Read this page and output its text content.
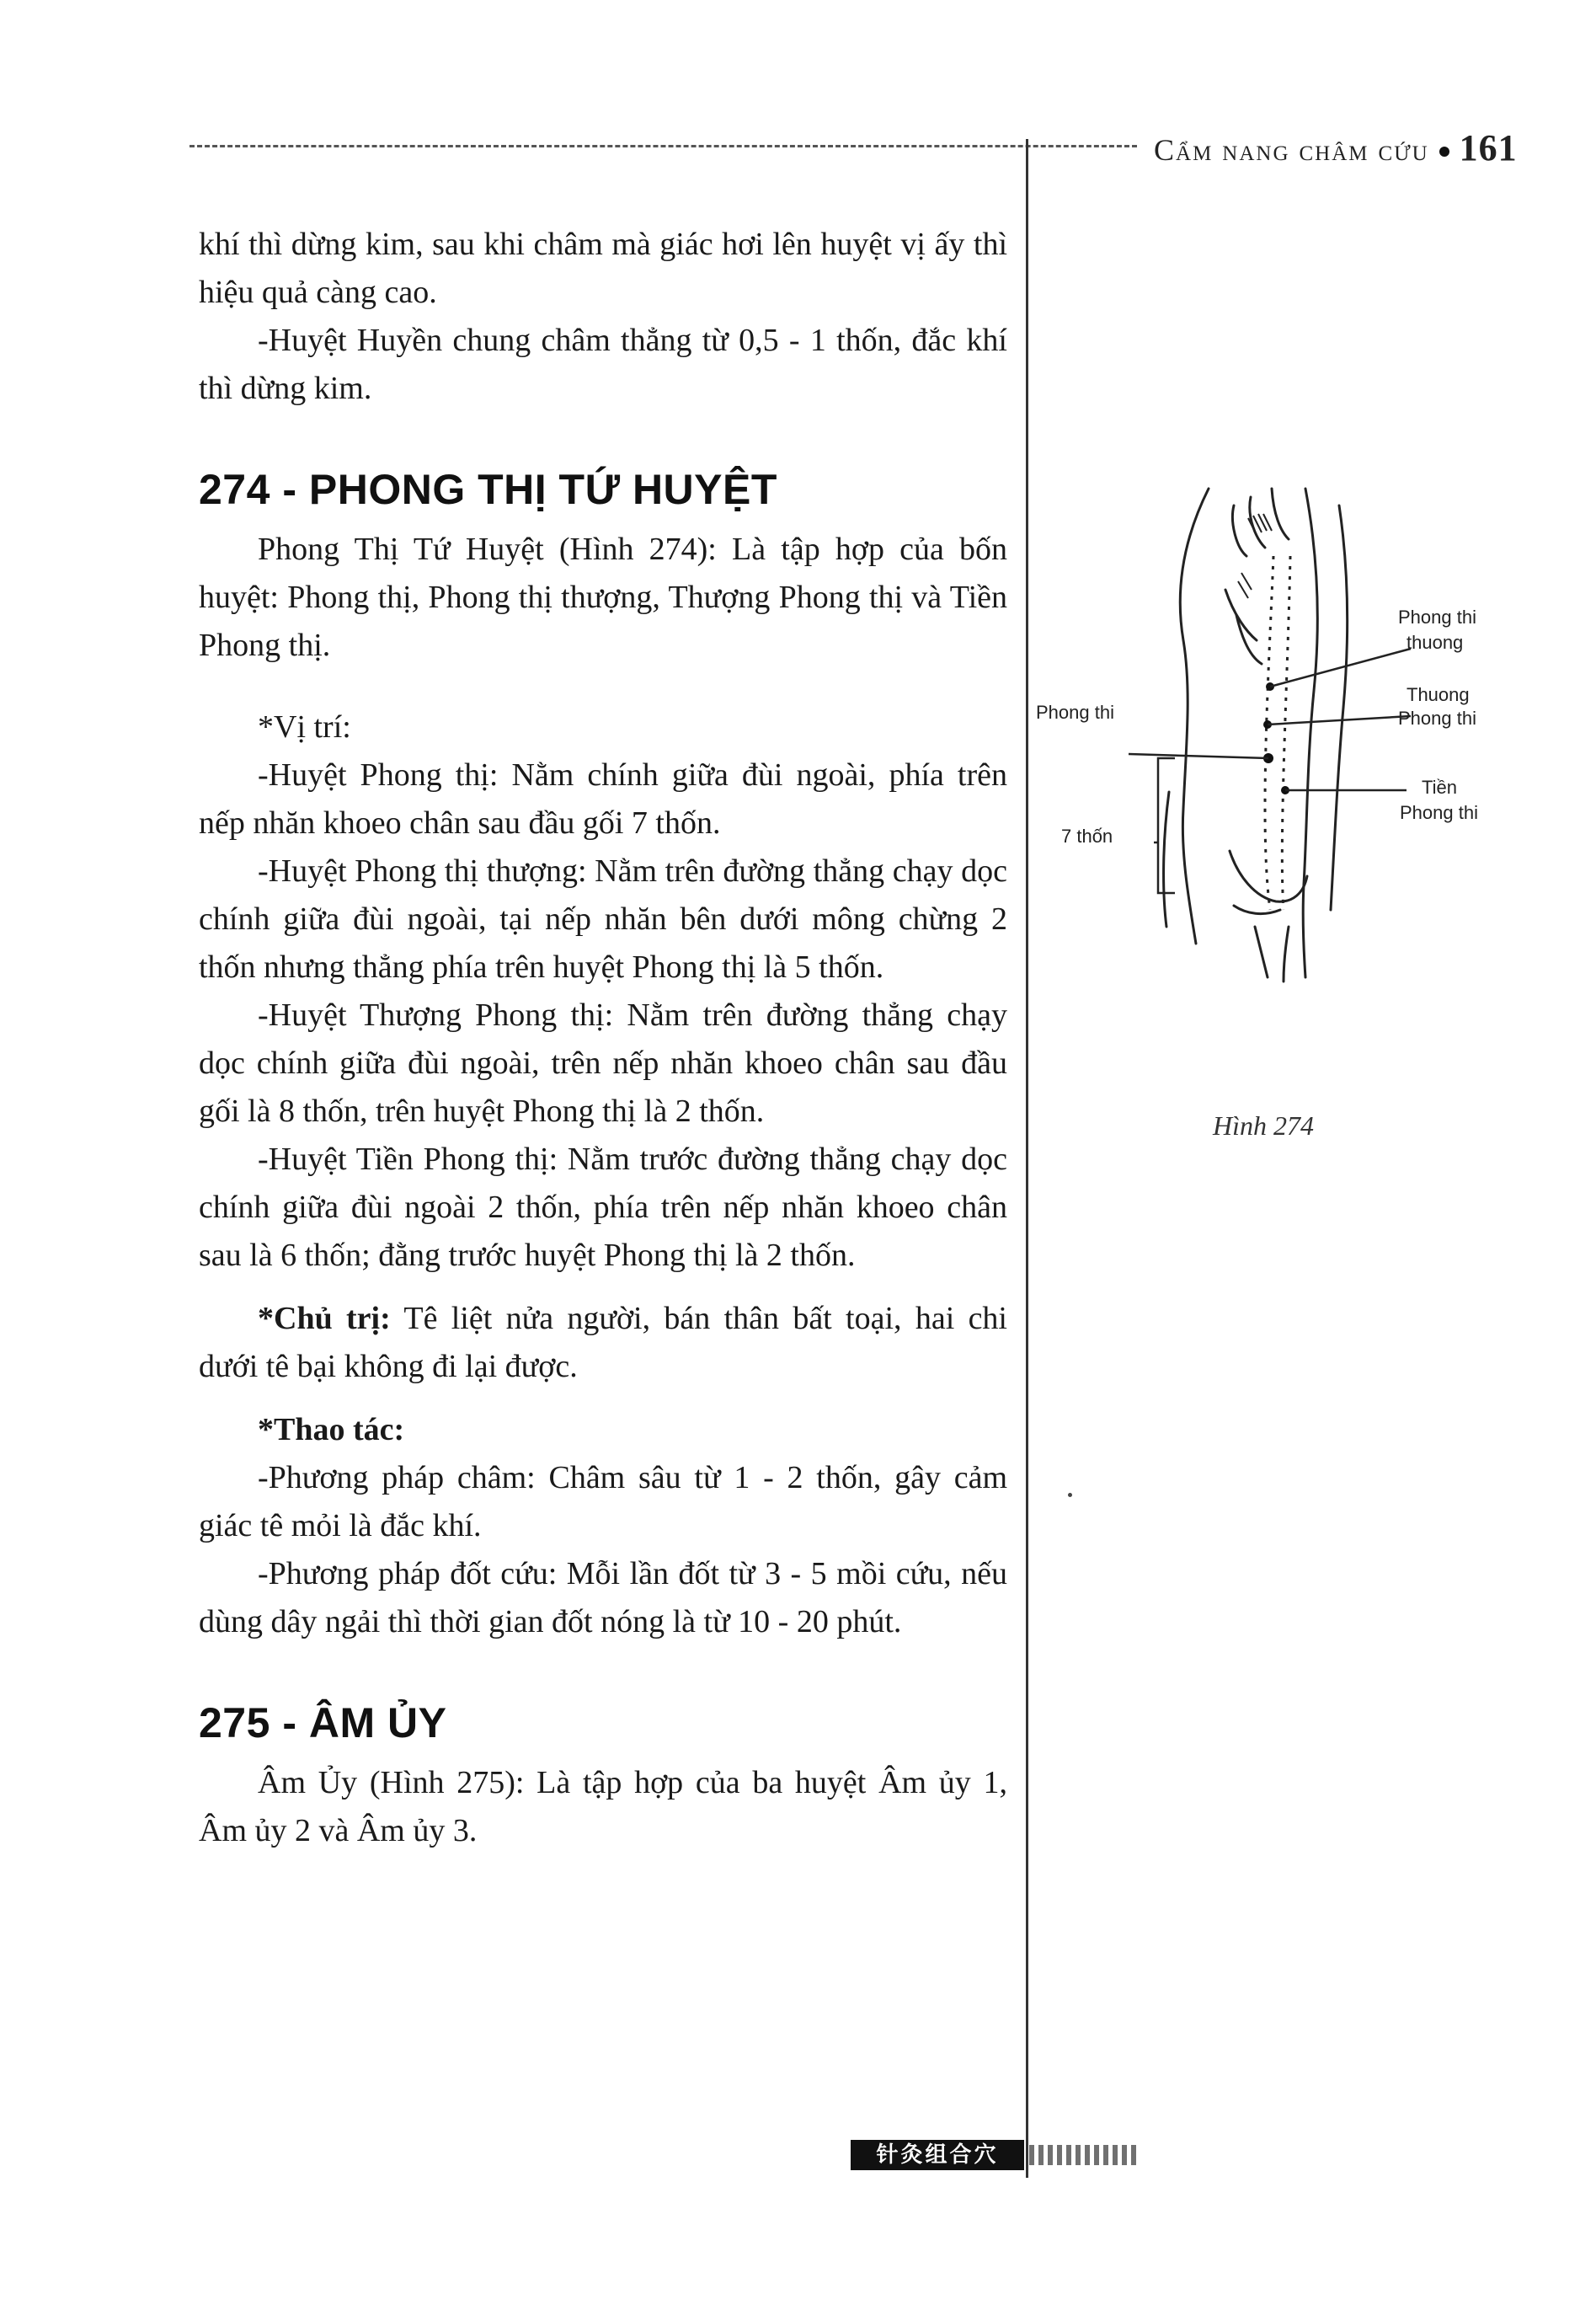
Cẩm nang châm cứu 161

khí thì dừng kim, sau khi châm mà giác hơi lên huyệt vị ấy thì hiệu quả càng cao.

-Huyệt Huyền chung châm thẳng từ 0,5 - 1 thốn, đắc khí thì dừng kim.

274 - PHONG THỊ TỨ HUYỆT

Phong Thị Tứ Huyệt (Hình 274): Là tập hợp của bốn huyệt: Phong thị, Phong thị thượng, Thượng Phong thị và Tiền Phong thị.

*Vị trí:

-Huyệt Phong thị: Nằm chính giữa đùi ngoài, phía trên nếp nhăn khoeo chân sau đầu gối 7 thốn.

-Huyệt Phong thị thượng: Nằm trên đường thẳng chạy dọc chính giữa đùi ngoài, tại nếp nhăn bên dưới mông chừng 2 thốn nhưng thẳng phía trên huyệt Phong thị là 5 thốn.

-Huyệt Thượng Phong thị: Nằm trên đường thẳng chạy dọc chính giữa đùi ngoài, trên nếp nhăn khoeo chân sau đầu gối là 8 thốn, trên huyệt Phong thị là 2 thốn.

-Huyệt Tiền Phong thị: Nằm trước đường thẳng chạy dọc chính giữa đùi ngoài 2 thốn, phía trên nếp nhăn khoeo chân sau là 6 thốn; đằng trước huyệt Phong thị là 2 thốn.

*Chủ trị: Tê liệt nửa người, bán thân bất toại, hai chi dưới tê bại không đi lại được.

*Thao tác:

-Phương pháp châm: Châm sâu từ 1 - 2 thốn, gây cảm giác tê mỏi là đắc khí.

-Phương pháp đốt cứu: Mỗi lần đốt từ 3 - 5 mồi cứu, nếu dùng dây ngải thì thời gian đốt nóng là từ 10 - 20 phút.

275 - ÂM ỦY

Âm Ủy (Hình 275): Là tập hợp của ba huyệt Âm ủy 1, Âm ủy 2 và Âm ủy 3.

Phong thi
7 thốn
Phong thi
thuong
Thuong
Phong thi
Tiền
Phong thi
Hình 274
针灸组合穴
